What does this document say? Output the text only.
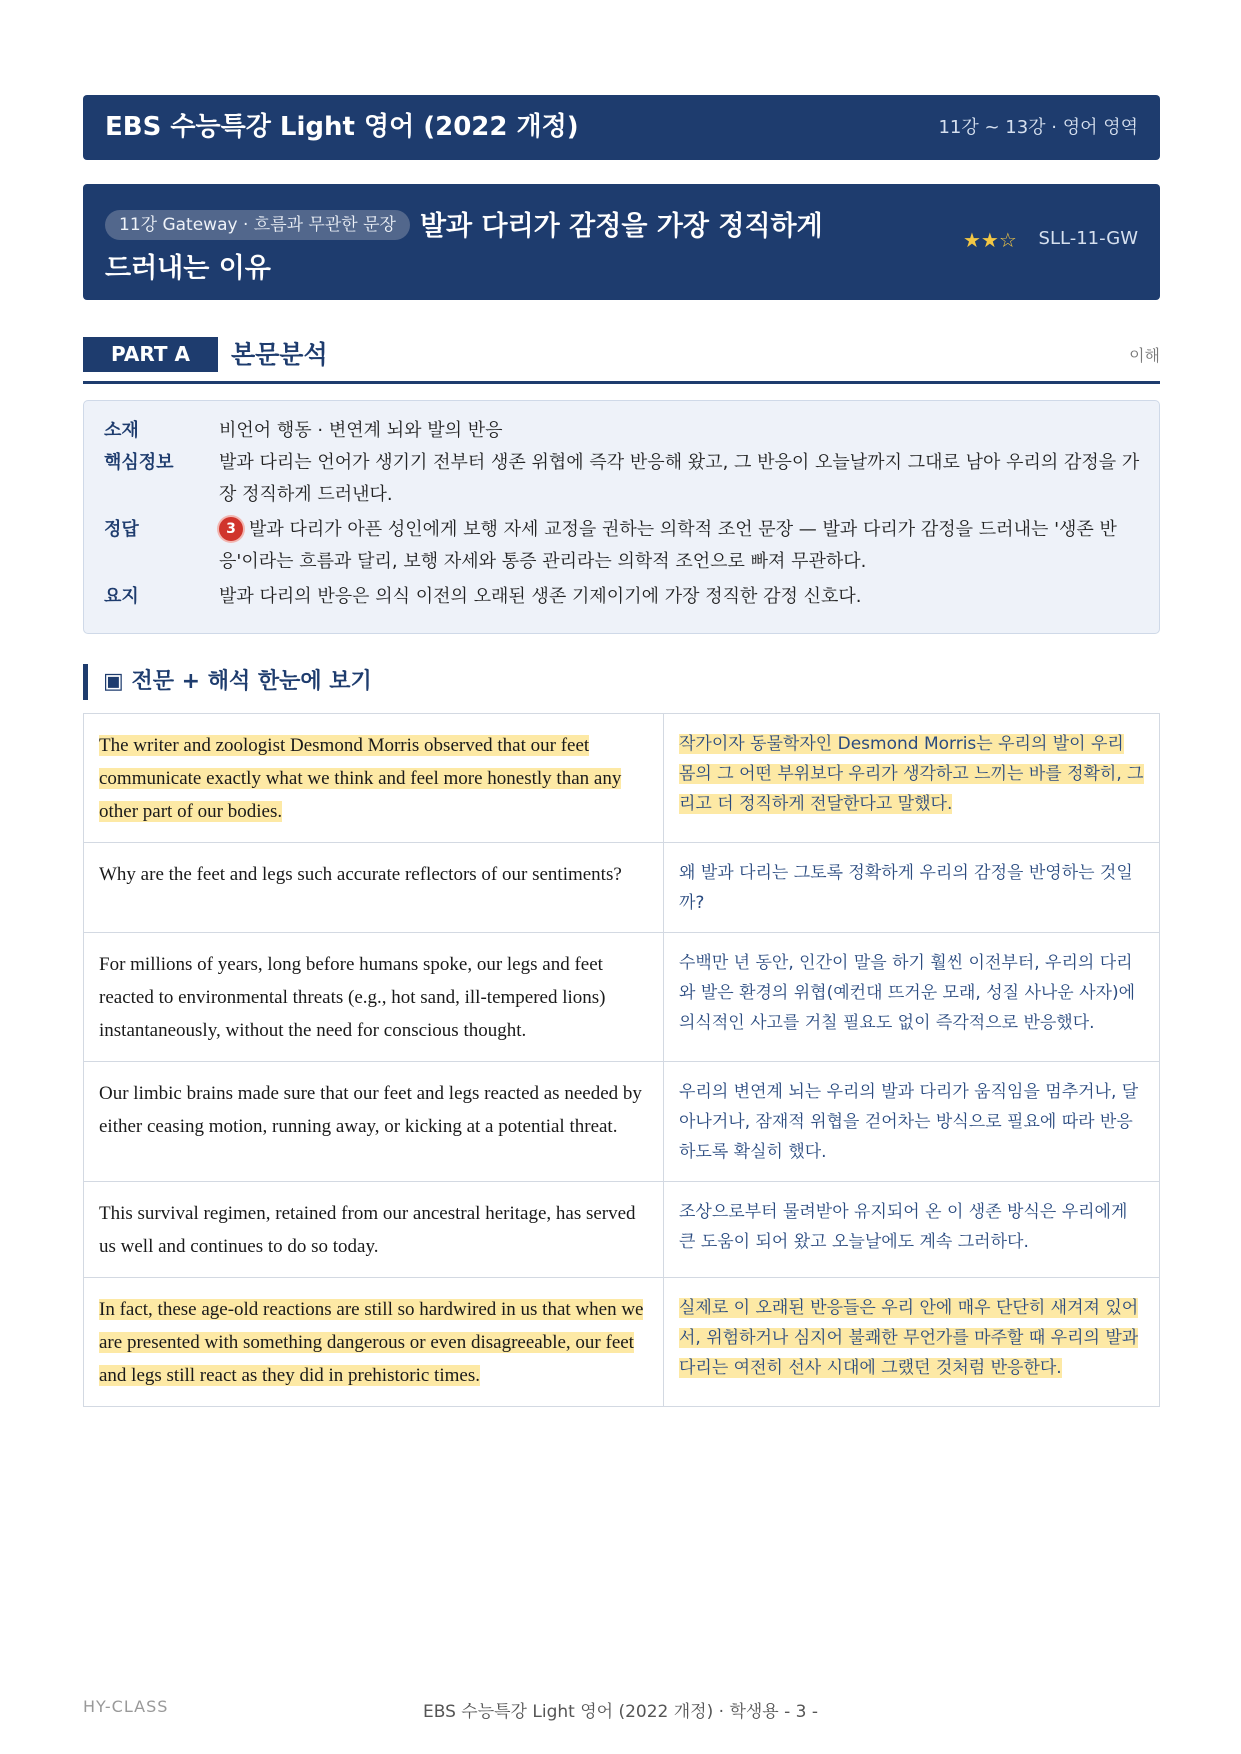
EBS 수능특강 Light 영어 (2022 개정)	11강 ~ 13강 · 영어 영역
11강 Gateway · 흐름과 무관한 문장 발과 다리가 감정을 가장 정직하게 드러내는 이유
★★☆ SLL-11-GW
PART A	본문분석	이해
소재	비언어 행동 · 변연계 뇌와 발의 반응
핵심정보	발과 다리는 언어가 생기기 전부터 생존 위협에 즉각 반응해 왔고, 그 반응이 오늘날까지 그대로 남아 우리의 감정을 가장 정직하게 드러낸다.
정답	3 발과 다리가 아픈 성인에게 보행 자세 교정을 권하는 의학적 조언 문장 — 발과 다리가 감정을 드러내는 '생존 반응'이라는 흐름과 달리, 보행 자세와 통증 관리라는 의학적 조언으로 빠져 무관하다.
요지	발과 다리의 반응은 의식 이전의 오래된 생존 기제이기에 가장 정직한 감정 신호다.
▣ 전문 + 해석 한눈에 보기
The writer and zoologist Desmond Morris observed that our feet communicate exactly what we think and feel more honestly than any other part of our bodies.	작가이자 동물학자인 Desmond Morris는 우리의 발이 우리 몸의 그 어떤 부위보다 우리가 생각하고 느끼는 바를 정확히, 그리고 더 정직하게 전달한다고 말했다.
Why are the feet and legs such accurate reflectors of our sentiments?	왜 발과 다리는 그토록 정확하게 우리의 감정을 반영하는 것일까?
For millions of years, long before humans spoke, our legs and feet reacted to environmental threats (e.g., hot sand, ill-tempered lions) instantaneously, without the need for conscious thought.	수백만 년 동안, 인간이 말을 하기 훨씬 이전부터, 우리의 다리와 발은 환경의 위협(예컨대 뜨거운 모래, 성질 사나운 사자)에 의식적인 사고를 거칠 필요도 없이 즉각적으로 반응했다.
Our limbic brains made sure that our feet and legs reacted as needed by either ceasing motion, running away, or kicking at a potential threat.	우리의 변연계 뇌는 우리의 발과 다리가 움직임을 멈추거나, 달아나거나, 잠재적 위협을 걷어차는 방식으로 필요에 따라 반응하도록 확실히 했다.
This survival regimen, retained from our ancestral heritage, has served us well and continues to do so today.	조상으로부터 물려받아 유지되어 온 이 생존 방식은 우리에게 큰 도움이 되어 왔고 오늘날에도 계속 그러하다.
In fact, these age-old reactions are still so hardwired in us that when we are presented with something dangerous or even disagreeable, our feet and legs still react as they did in prehistoric times.	실제로 이 오래된 반응들은 우리 안에 매우 단단히 새겨져 있어서, 위험하거나 심지어 불쾌한 무언가를 마주할 때 우리의 발과 다리는 여전히 선사 시대에 그랬던 것처럼 반응한다.
HY-CLASS	EBS 수능특강 Light 영어 (2022 개정) · 학생용 - 3 -
